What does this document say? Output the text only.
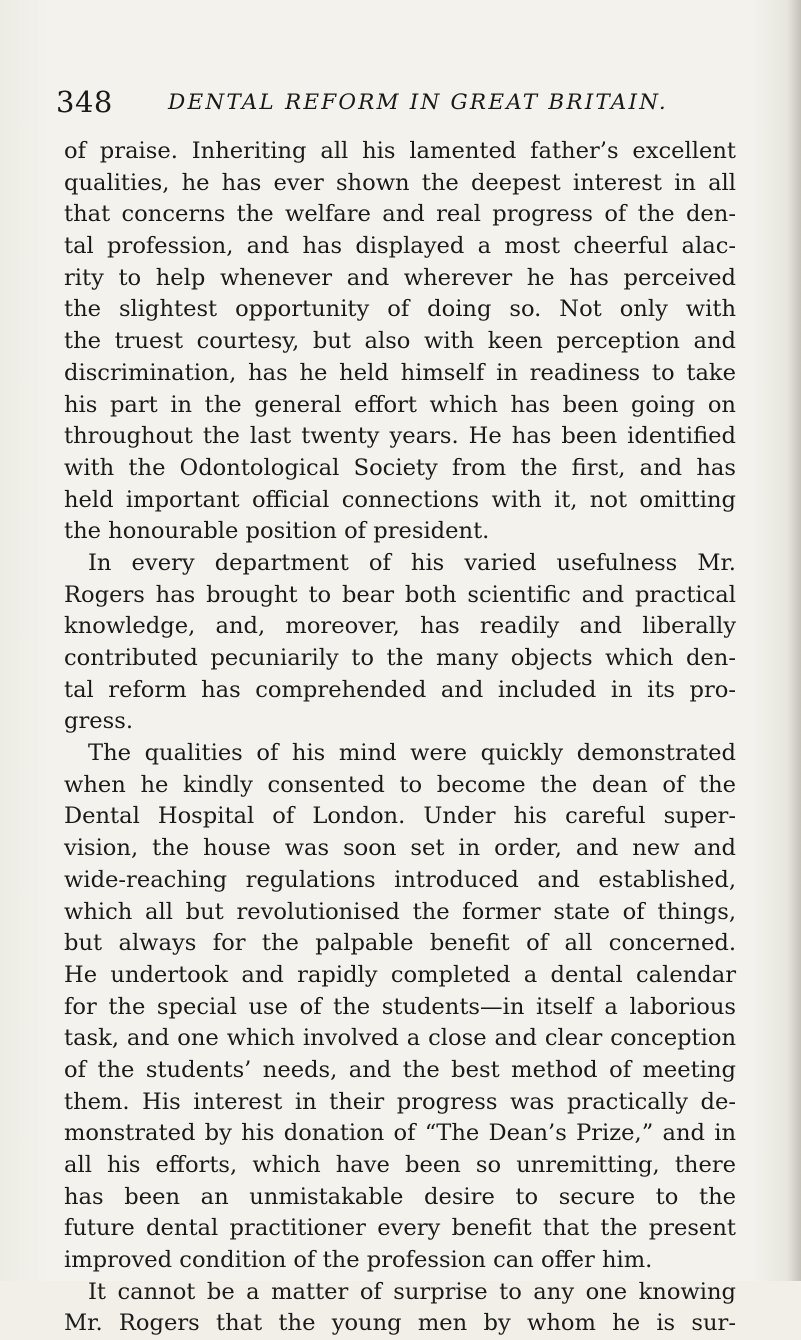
348	DENTAL REFORM IN GREAT BRITAIN.
of praise. Inheriting all his lamented father’s excellent
qualities, he has ever shown the deepest interest in all
that concerns the welfare and real progress of the den-
tal profession, and has displayed a most cheerful alac-
rity to help whenever and wherever he has perceived
the slightest opportunity of doing so. Not only with
the truest courtesy, but also with keen perception and
discrimination, has he held himself in readiness to take
his part in the general effort which has been going on
throughout the last twenty years. He has been identified
with the Odontological Society from the first, and has
held important official connections with it, not omitting
the honourable position of president.
In every department of his varied usefulness Mr.
Rogers has brought to bear both scientific and practical
knowledge, and, moreover, has readily and liberally
contributed pecuniarily to the many objects which den-
tal reform has comprehended and included in its pro-
gress.
The qualities of his mind were quickly demonstrated
when he kindly consented to become the dean of the
Dental Hospital of London. Under his careful super-
vision, the house was soon set in order, and new and
wide-reaching regulations introduced and established,
which all but revolutionised the former state of things,
but always for the palpable benefit of all concerned.
He undertook and rapidly completed a dental calendar
for the special use of the students—in itself a laborious
task, and one which involved a close and clear conception
of the students’ needs, and the best method of meeting
them. His interest in their progress was practically de-
monstrated by his donation of “The Dean’s Prize,” and in
all his efforts, which have been so unremitting, there
has been an unmistakable desire to secure to the
future dental practitioner every benefit that the present
improved condition of the profession can offer him.
It cannot be a matter of surprise to any one knowing
Mr. Rogers that the young men by whom he is sur-
